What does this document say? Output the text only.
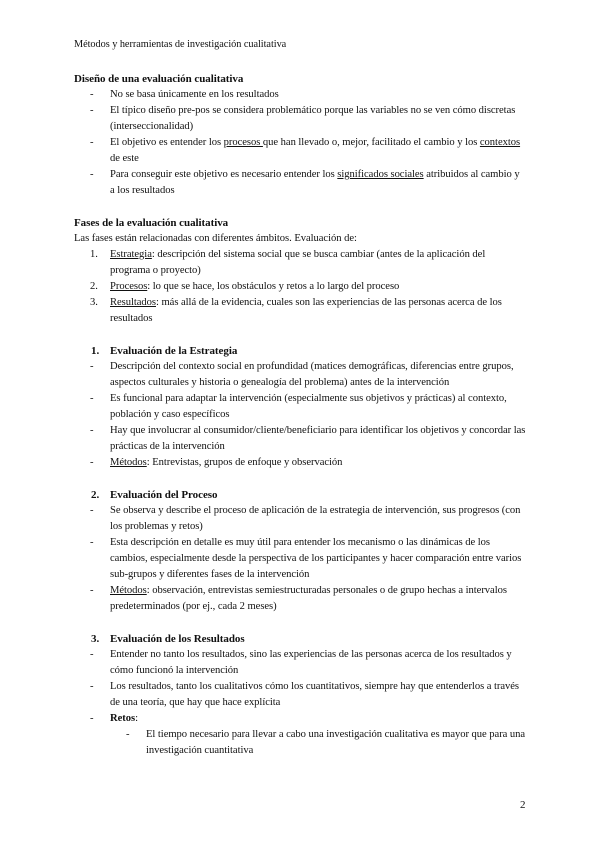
Métodos y herramientas de investigación cualitativa
Diseño de una evaluación cualitativa
- No se basa únicamente en los resultados
- El típico diseño pre-pos se considera problemático porque las variables no se ven cómo discretas (interseccionalidad)
- El objetivo es entender los procesos que han llevado o, mejor, facilitado el cambio y los contextos de este
- Para conseguir este objetivo es necesario entender los significados sociales atribuidos al cambio y a los resultados
Fases de la evaluación cualitativa
Las fases están relacionadas con diferentes ámbitos. Evaluación de:
1. Estrategia: descripción del sistema social que se busca cambiar (antes de la aplicación del programa o proyecto)
2. Procesos: lo que se hace, los obstáculos y retos a lo largo del proceso
3. Resultados: más allá de la evidencia, cuales son las experiencias de las personas acerca de los resultados
1. Evaluación de la Estrategia
- Descripción del contexto social en profundidad (matices demográficas, diferencias entre grupos, aspectos culturales y historia o genealogía del problema) antes de la intervención
- Es funcional para adaptar la intervención (especialmente sus objetivos y prácticas) al contexto, población y caso específicos
- Hay que involucrar al consumidor/cliente/beneficiario para identificar los objetivos y concordar las prácticas de la intervención
- Métodos: Entrevistas, grupos de enfoque y observación
2. Evaluación del Proceso
- Se observa y describe el proceso de aplicación de la estrategia de intervención, sus progresos (con los problemas y retos)
- Esta descripción en detalle es muy útil para entender los mecanismo o las dinámicas de los cambios, especialmente desde la perspectiva de los participantes y hacer comparación entre varios sub-grupos y diferentes fases de la intervención
- Métodos: observación, entrevistas semiestructuradas personales o de grupo hechas a intervalos predeterminados (por ej., cada 2 meses)
3. Evaluación de los Resultados
- Entender no tanto los resultados, sino las experiencias de las personas acerca de los resultados y cómo funcionó la intervención
- Los resultados, tanto los cualitativos cómo los cuantitativos, siempre hay que entenderlos a través de una teoría, que hay que hace explícita
- Retos:
- El tiempo necesario para llevar a cabo una investigación cualitativa es mayor que para una investigación cuantitativa
2
